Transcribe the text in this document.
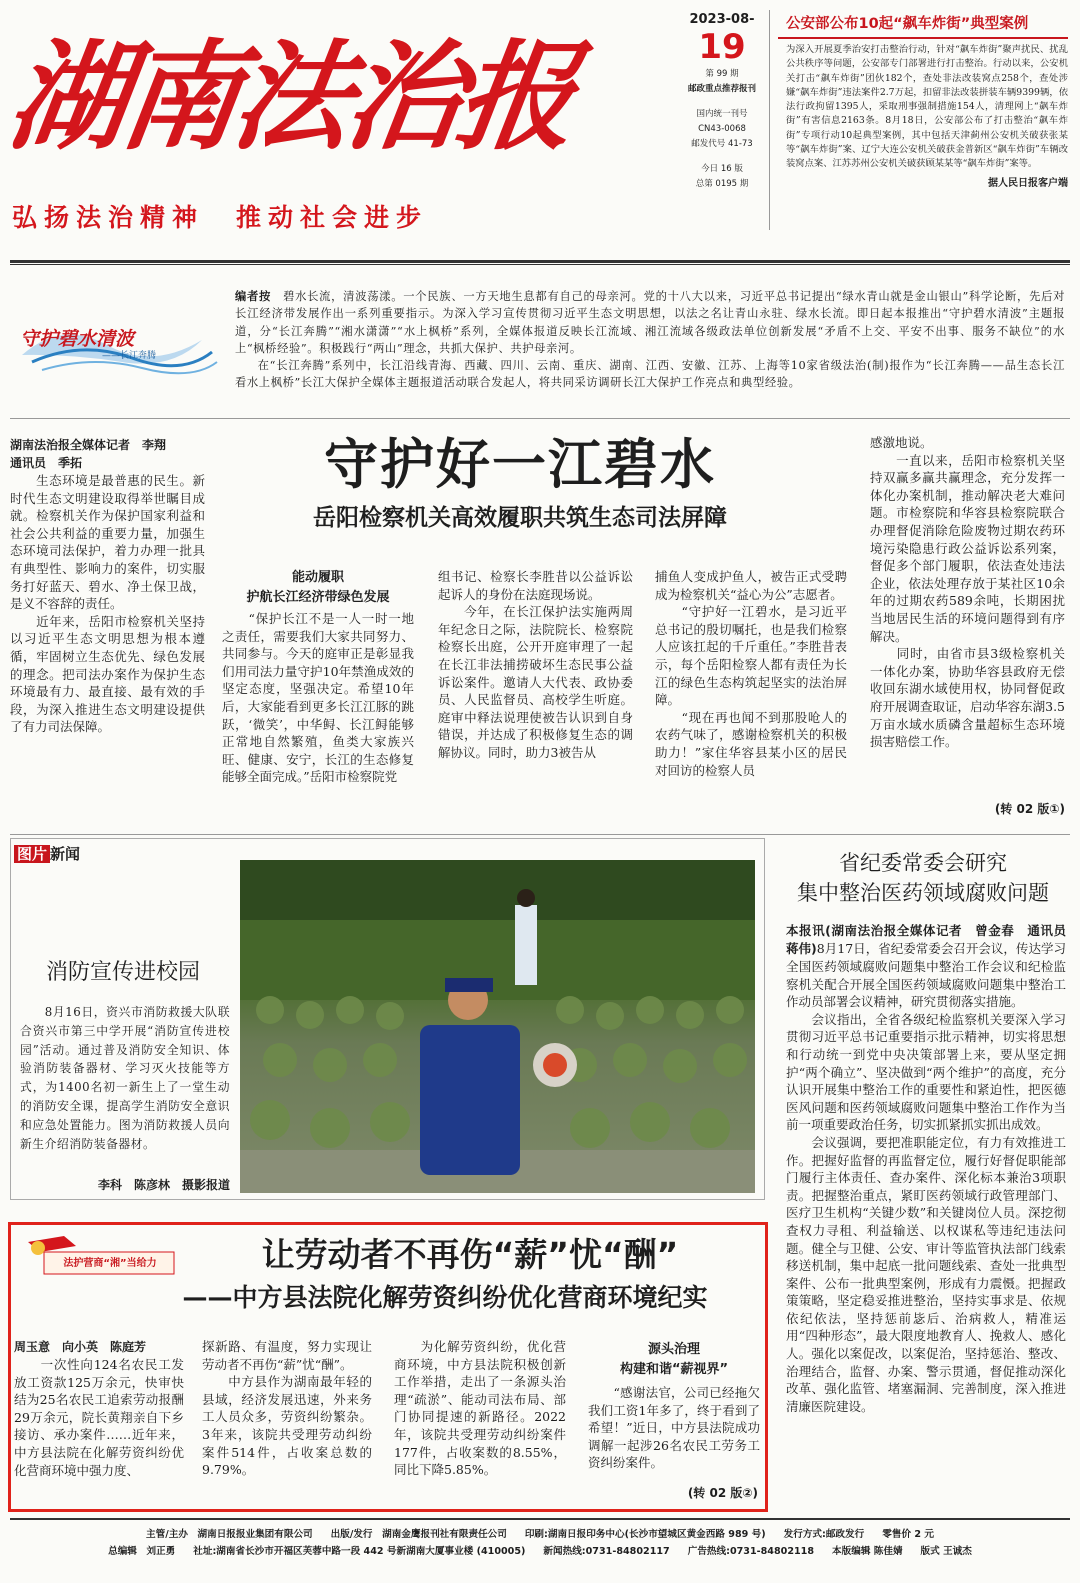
湖南法治报
弘扬法治精神　推动社会进步
2023-08-
19
第 99 期
邮政重点推荐报刊
国内统一刊号
CN43-0068
邮发代号 41-73
今日 16 版
总第 0195 期
公安部公布10起“飙车炸街”典型案例

为深入开展夏季治安打击整治行动，针对“飙车炸街”聚声扰民、扰乱公共秩序等问题，公安部专门部署进行打击整治。行动以来，公安机关打击“飙车炸街”团伙182个，查处非法改装窝点258个，查处涉嫌“飙车炸街”违法案件2.7万起，扣留非法改装拼装车辆9399辆，依法行政拘留1395人，采取刑事强制措施154人，清理网上“飙车炸街”有害信息2163条。8月18日，公安部公布了打击整治“飙车炸街”专项行动10起典型案例，其中包括天津蓟州公安机关破获张某等“飙车炸街”案、辽宁大连公安机关破获金普新区“飙车炸街”车辆改装窝点案、江苏苏州公安机关破获顾某某等“飙车炸街”案等。

据人民日报客户端
守护碧水清波
——长江奔腾

编者按　 碧水长流，清波荡漾。一个民族、一方天地生息都有自己的母亲河。党的十八大以来，习近平总书记提出“绿水青山就是金山银山”科学论断，先后对长江经济带发展作出一系列重要指示。为深入学习宣传贯彻习近平生态文明思想，以法之名让青山永驻、绿水长流。即日起本报推出“守护碧水清波”主题报道，分“长江奔腾”“湘水潇潇”“水上枫桥”系列，全媒体报道反映长江流域、湘江流域各级政法单位创新发展“矛盾不上交、平安不出事、服务不缺位”的水上“枫桥经验”。积极践行“两山”理念，共抓大保护、共护母亲河。

在“长江奔腾”系列中，长江沿线青海、西藏、四川、云南、重庆、湖南、江西、安徽、江苏、上海等10家省级法治(制)报作为“长江奔腾——品生态长江 看水上枫桥”长江大保护全媒体主题报道活动联合发起人，将共同采访调研长江大保护工作亮点和典型经验。

湖南法治报全媒体记者　李翔
通讯员　季拓

　　生态环境是最普惠的民生。新时代生态文明建设取得举世瞩目成就。检察机关作为保护国家利益和社会公共利益的重要力量，加强生态环境司法保护，着力办理一批具有典型性、影响力的案件，切实服务打好蓝天、碧水、净土保卫战，是义不容辞的责任。
　　近年来，岳阳市检察机关坚持以习近平生态文明思想为根本遵循，牢固树立生态优先、绿色发展的理念。把司法办案作为保护生态环境最有力、最直接、最有效的手段，为深入推进生态文明建设提供了有力司法保障。

守护好一江碧水
岳阳检察机关高效履职共筑生态司法屏障
能动履职
护航长江经济带绿色发展

　　“保护长江不是一人一时一地之责任，需要我们大家共同努力、共同参与。今天的庭审正是彰显我们用司法力量守护10年禁渔成效的坚定态度，坚强决定。希望10年后，大家能看到更多长江江豚的跳跃，‘微笑’，中华鲟、长江鲟能够正常地自然繁殖，鱼类大家族兴旺、健康、安宁，长江的生态修复能够全面完成。”岳阳市检察院党

组书记、检察长李胜昔以公益诉讼起诉人的身份在法庭现场说。
　　今年，在长江保护法实施两周年纪念日之际，法院院长、检察院检察长出庭，公开开庭审理了一起在长江非法捕捞破坏生态民事公益诉讼案件。邀请人大代表、政协委员、人民监督员、高校学生听庭。庭审中释法说理使被告认识到自身错误，并达成了积极修复生态的调解协议。同时，助力3被告从

捕鱼人变成护鱼人，被告正式受聘成为检察机关“益心为公”志愿者。
　　“守护好一江碧水，是习近平总书记的殷切嘱托，也是我们检察人应该扛起的千斤重任。”李胜昔表示，每个岳阳检察人都有责任为长江的绿色生态构筑起坚实的法治屏障。
　　“现在再也闻不到那股呛人的农药气味了，感谢检察机关的积极助力！”家住华容县某小区的居民对回访的检察人员

感激地说。
　　一直以来，岳阳市检察机关坚持双赢多赢共赢理念，充分发挥一体化办案机制，推动解决老大难问题。市检察院和华容县检察院联合办理督促消除危险废物过期农药环境污染隐患行政公益诉讼系列案，督促多个部门履职，依法查处违法企业，依法处理存放于某社区10余年的过期农药589余吨，长期困扰当地居民生活的环境问题得到有序解决。
　　同时，由省市县3级检察机关一体化办案，协助华容县政府无偿收回东湖水域使用权，协同督促政府开展调查取证，启动华容东湖3.5万亩水域水质磷含量超标生态环境损害赔偿工作。

(转 02 版①)
图片 新闻
消防宣传进校园

　　8月16日，资兴市消防救援大队联合资兴市第三中学开展“消防宣传进校园”活动。通过普及消防安全知识、体验消防装备器材、学习灭火技能等方式，为1400名初一新生上了一堂生动的消防安全课，提高学生消防安全意识和应急处置能力。图为消防救援人员向新生介绍消防装备器材。

李科　陈彦林　摄影报道
省纪委常委会研究
集中整治医药领域腐败问题

本报讯(湖南法治报全媒体记者　曾金春　通讯员　蒋伟)8月17日，省纪委常委会召开会议，传达学习全国医药领域腐败问题集中整治工作会议和纪检监察机关配合开展全国医药领域腐败问题集中整治工作动员部署会议精神，研究贯彻落实措施。
　　会议指出，全省各级纪检监察机关要深入学习贯彻习近平总书记重要指示批示精神，切实将思想和行动统一到党中央决策部署上来，要从坚定拥护“两个确立”、坚决做到“两个维护”的高度，充分认识开展集中整治工作的重要性和紧迫性，把医德医风问题和医药领域腐败问题集中整治工作作为当前一项重要政治任务，切实抓紧抓实抓出成效。
　　会议强调，要把准职能定位，有力有效推进工作。把握好监督的再监督定位，履行好督促职能部门履行主体责任、查办案件、深化标本兼治3项职责。把握整治重点，紧盯医药领域行政管理部门、医疗卫生机构“关键少数”和关键岗位人员。深挖彻查权力寻租、利益输送、以权谋私等违纪违法问题。健全与卫健、公安、审计等监管执法部门线索移送机制，集中起底一批问题线索、查处一批典型案件、公布一批典型案例，形成有力震慑。把握政策策略，坚定稳妥推进整治，坚持实事求是、依规依纪依法，坚持惩前毖后、治病救人，精准运用“四种形态”，最大限度地教育人、挽救人、感化人。强化以案促改，以案促治，坚持惩治、整改、治理结合，监督、办案、警示贯通，督促推动深化改革、强化监管、堵塞漏洞、完善制度，深入推进清廉医院建设。

法护营商“湘”当给力	让劳动者不再伤“薪”忧“酬”
——中方县法院化解劳资纠纷优化营商环境纪实
周玉意　向小英　陈庭芳

　　一次性向124名农民工发放工资款125万余元，快审快结为25名农民工追索劳动报酬29万余元，院长黄翔亲自下乡接访、承办案件……近年来，中方县法院在化解劳资纠纷优化营商环境中强力度、

探新路、有温度，努力实现让劳动者不再伤“薪”忧“酬”。
　　中方县作为湖南最年轻的县域，经济发展迅速，外来务工人员众多，劳资纠纷繁杂。3年来，该院共受理劳动纠纷案件514件，占收案总数的9.79%。

　　为化解劳资纠纷，优化营商环境，中方县法院积极创新工作举措，走出了一条源头治理“疏淤”、能动司法布局、部门协同提速的新路径。2022年，该院共受理劳动纠纷案件177件，占收案数的8.55%，同比下降5.85%。

源头治理
构建和谐“薪视界”

　　“感谢法官，公司已经拖欠我们工资1年多了，终于看到了希望！”近日，中方县法院成功调解一起涉26名农民工劳务工资纠纷案件。

(转 02 版②)
主管/主办　湖南日报报业集团有限公司 出版/发行　湖南金鹰报刊社有限责任公司 印刷:湖南日报印务中心(长沙市望城区黄金西路 989 号) 发行方式:邮政发行 零售价 2 元
总编辑　刘正勇 社址:湖南省长沙市开福区芙蓉中路一段 442 号新湖南大厦事业楼 (410005) 新闻热线:0731-84802117 广告热线:0731-84802118 本版编辑 陈佳婧 版式 王诚杰
